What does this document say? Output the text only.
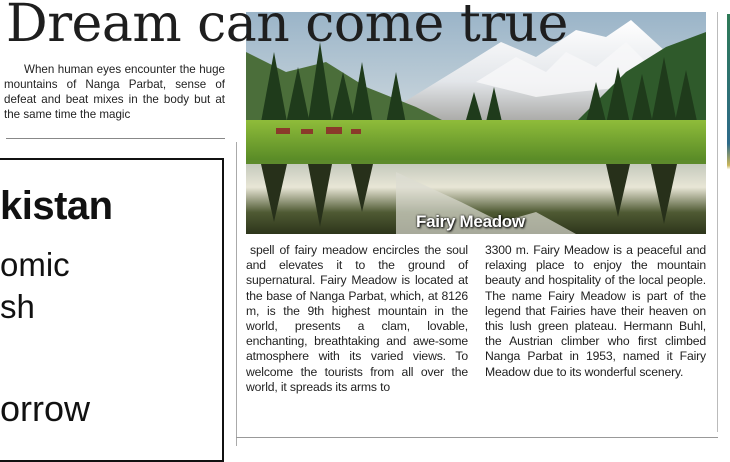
Dream can come true

When human eyes encounter the huge mountains of Nanga Parbat, sense of defeat and beat mixes in the body but at the same time the magic

kistan
omic
sh
orrow
Fairy Meadow

spell of fairy meadow encircles the soul and elevates it to the ground of supernatural. Fairy Meadow is located at the base of Nanga Parbat, which, at 8126 m, is the 9th highest mountain in the world, presents a clam, lovable, enchanting, breathtaking and awe-some atmosphere with its varied views. To welcome the tourists from all over the world, it spreads its arms to

3300 m. Fairy Meadow is a peaceful and relaxing place to enjoy the mountain beauty and hospitality of the local people. The name Fairy Meadow is part of the legend that Fairies have their heaven on this lush green plateau. Hermann Buhl, the Austrian climber who first climbed Nanga Parbat in 1953, named it Fairy Meadow due to its wonderful scenery.
